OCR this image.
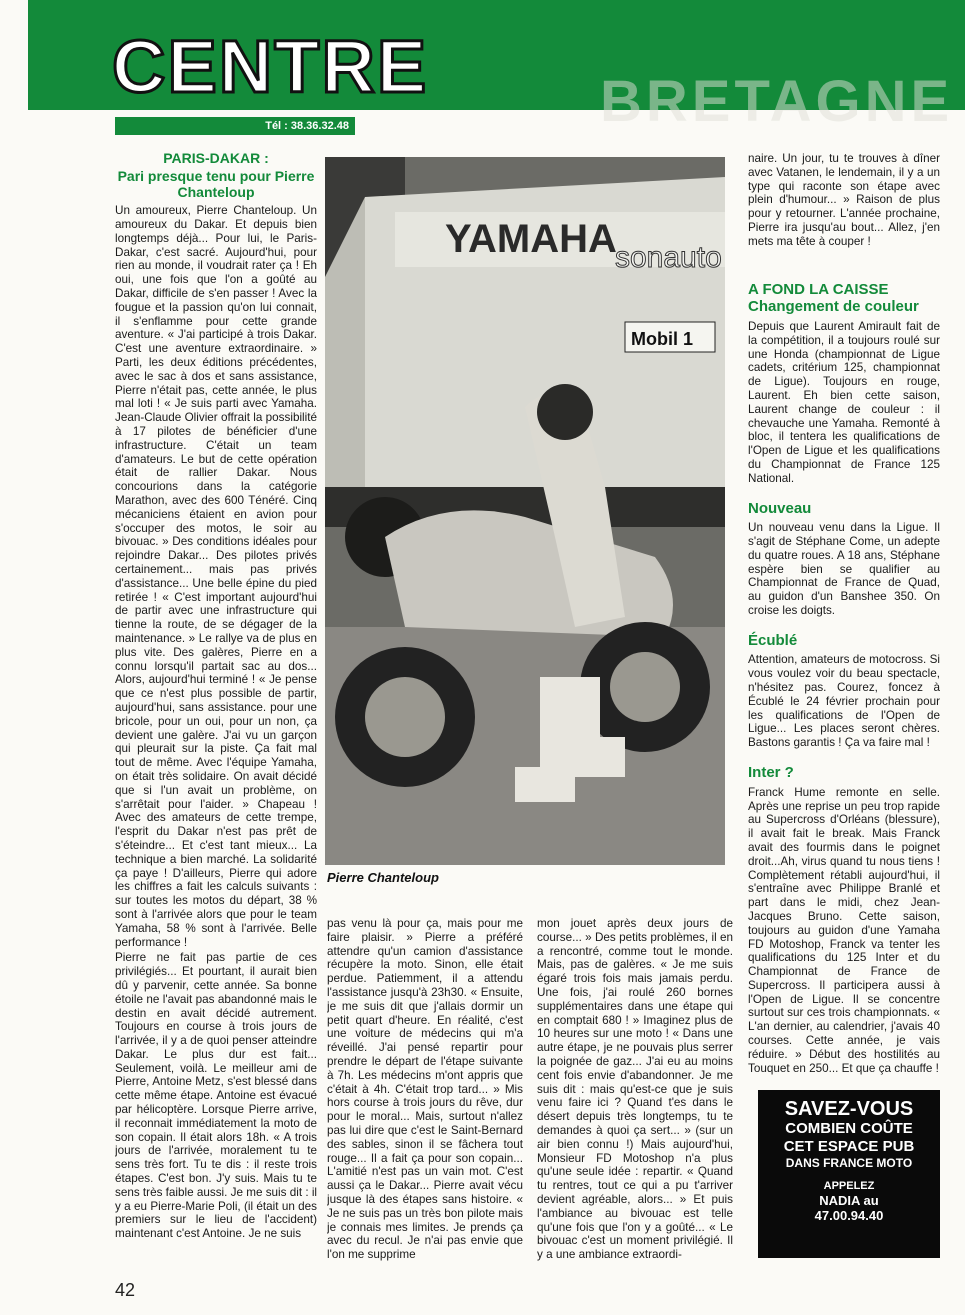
BRETAGNE
CENTRE
Tél : 38.36.32.48
PARIS-DAKAR :
Pari presque tenu pour Pierre Chanteloup

Un amoureux, Pierre Chanteloup. Un amoureux du Dakar. Et depuis bien longtemps déjà... Pour lui, le Paris-Dakar, c'est sacré. Aujourd'hui, pour rien au monde, il voudrait rater ça ! Eh oui, une fois que l'on a goûté au Dakar, difficile de s'en passer ! Avec la fougue et la passion qu'on lui connait, il s'enflamme pour cette grande aventure. « J'ai participé à trois Dakar. C'est une aventure extraordinaire. » Parti, les deux éditions précédentes, avec le sac à dos et sans assistance, Pierre n'était pas, cette année, le plus mal loti ! « Je suis parti avec Yamaha. Jean-Claude Olivier offrait la possibilité à 17 pilotes de bénéficier d'une infrastructure. C'était un team d'amateurs. Le but de cette opération était de rallier Dakar. Nous concourions dans la catégorie Marathon, avec des 600 Ténéré. Cinq mécaniciens étaient en avion pour s'occuper des motos, le soir au bivouac. » Des conditions idéales pour rejoindre Dakar... Des pilotes privés certainement... mais pas privés d'assistance... Une belle épine du pied retirée ! « C'est important aujourd'hui de partir avec une infrastructure qui tienne la route, de se dégager de la maintenance. » Le rallye va de plus en plus vite. Des galères, Pierre en a connu lorsqu'il partait sac au dos... Alors, aujourd'hui terminé ! « Je pense que ce n'est plus possible de partir, aujourd'hui, sans assistance. pour une bricole, pour un oui, pour un non, ça devient une galère. J'ai vu un garçon qui pleurait sur la piste. Ça fait mal tout de même. Avec l'équipe Yamaha, on était très solidaire. On avait décidé que si l'un avait un problème, on s'arrêtait pour l'aider. » Chapeau ! Avec des amateurs de cette trempe, l'esprit du Dakar n'est pas prêt de s'éteindre... Et c'est tant mieux... La technique a bien marché. La solidarité ça paye ! D'ailleurs, Pierre qui adore les chiffres a fait les calculs suivants : sur toutes les motos du départ, 38 % sont à l'arrivée alors que pour le team Yamaha, 58 % sont à l'arrivée. Belle performance !

Pierre ne fait pas partie de ces privilégiés... Et pourtant, il aurait bien dû y parvenir, cette année. Sa bonne étoile ne l'avait pas abandonné mais le destin en avait décidé autrement. Toujours en course à trois jours de l'arrivée, il y a de quoi penser atteindre Dakar. Le plus dur est fait... Seulement, voilà. Le meilleur ami de Pierre, Antoine Metz, s'est blessé dans cette même étape. Antoine est évacué par hélicoptère. Lorsque Pierre arrive, il reconnait immédiatement la moto de son copain. Il était alors 18h. « A trois jours de l'arrivée, moralement tu te sens très fort. Tu te dis : il reste trois étapes. C'est bon. J'y suis. Mais tu te sens très faible aussi. Je me suis dit : il y a eu Pierre-Marie Poli, (il était un des premiers sur le lieu de l'accident) maintenant c'est Antoine. Je ne suis

YAMAHA
sonauto
Mobil 1
Pierre Chanteloup

pas venu là pour ça, mais pour me faire plaisir. » Pierre a préféré attendre qu'un camion d'assistance récupère la moto. Sinon, elle était perdue. Patiemment, il a attendu l'assistance jusqu'à 23h30. « Ensuite, je me suis dit que j'allais dormir un petit quart d'heure. En réalité, c'est une voiture de médecins qui m'a réveillé. J'ai pensé repartir pour prendre le départ de l'étape suivante à 7h. Les médecins m'ont appris que c'était à 4h. C'était trop tard... » Mis hors course à trois jours du rêve, dur pour le moral... Mais, surtout n'allez pas lui dire que c'est le Saint-Bernard des sables, sinon il se fâchera tout rouge... Il a fait ça pour son copain... L'amitié n'est pas un vain mot. C'est aussi ça le Dakar... Pierre avait vécu jusque là des étapes sans histoire. « Je ne suis pas un très bon pilote mais je connais mes limites. Je prends ça avec du recul. Je n'ai pas envie que l'on me supprime

mon jouet après deux jours de course... » Des petits problèmes, il en a rencontré, comme tout le monde. Mais, pas de galères. « Je me suis égaré trois fois mais jamais perdu. Une fois, j'ai roulé 260 bornes supplémentaires dans une étape qui en comptait 680 ! » Imaginez plus de 10 heures sur une moto ! « Dans une autre étape, je ne pouvais plus serrer la poignée de gaz... J'ai eu au moins cent fois envie d'abandonner. Je me suis dit : mais qu'est-ce que je suis venu faire ici ? Quand t'es dans le désert depuis très longtemps, tu te demandes à quoi ça sert... » (sur un air bien connu !) Mais aujourd'hui, Monsieur FD Motoshop n'a plus qu'une seule idée : repartir. « Quand tu rentres, tout ce qui a pu t'arriver devient agréable, alors... » Et puis l'ambiance au bivouac est telle qu'une fois que l'on y a goûté... « Le bivouac c'est un moment privilégié. Il y a une ambiance extraordi-

naire. Un jour, tu te trouves à dîner avec Vatanen, le lendemain, il y a un type qui raconte son étape avec plein d'humour... » Raison de plus pour y retourner. L'année prochaine, Pierre ira jusqu'au bout... Allez, j'en mets ma tête à couper !

A FOND LA CAISSE
Changement de couleur

Depuis que Laurent Amirault fait de la compétition, il a toujours roulé sur une Honda (championnat de Ligue cadets, critérium 125, championnat de Ligue). Toujours en rouge, Laurent. Eh bien cette saison, Laurent change de couleur : il chevauche une Yamaha. Remonté à bloc, il tentera les qualifications de l'Open de Ligue et les qualifications du Championnat de France 125 National.

Nouveau

Un nouveau venu dans la Ligue. Il s'agit de Stéphane Come, un adepte du quatre roues. A 18 ans, Stéphane espère bien se qualifier au Championnat de France de Quad, au guidon d'un Banshee 350. On croise les doigts.

Écublé

Attention, amateurs de motocross. Si vous voulez voir du beau spectacle, n'hésitez pas. Courez, foncez à Écublé le 24 février prochain pour les qualifications de l'Open de Ligue... Les places seront chères. Bastons garantis ! Ça va faire mal !

Inter ?

Franck Hume remonte en selle. Après une reprise un peu trop rapide au Supercross d'Orléans (blessure), il avait fait le break. Mais Franck avait des fourmis dans le poignet droit...Ah, virus quand tu nous tiens ! Complètement rétabli aujourd'hui, il s'entraîne avec Philippe Branlé et part dans le midi, chez Jean-Jacques Bruno. Cette saison, toujours au guidon d'une Yamaha FD Motoshop, Franck va tenter les qualifications du 125 Inter et du Championnat de France de Supercross. Il participera aussi à l'Open de Ligue. Il se concentre surtout sur ces trois championnats. « L'an dernier, au calendrier, j'avais 40 courses. Cette année, je vais réduire. » Début des hostilités au Touquet en 250... Et que ça chauffe !

SAVEZ-VOUS
COMBIEN COÛTE
CET ESPACE PUB
DANS FRANCE MOTO
APPELEZ
NADIA au
47.00.94.40
42
